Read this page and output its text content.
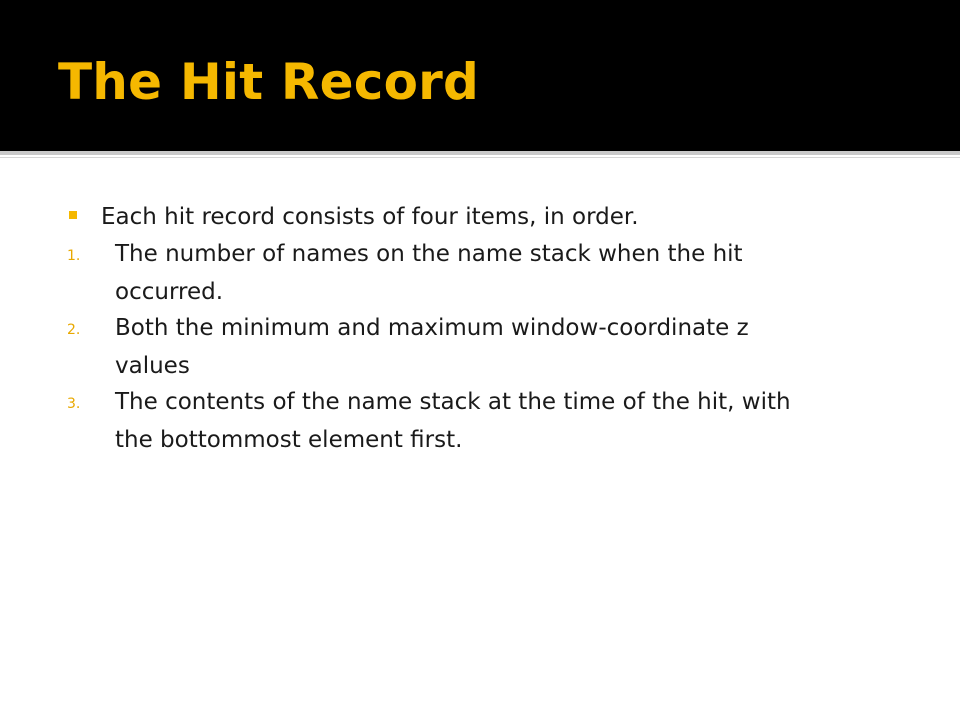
The Hit Record
Each hit record consists of four items, in order.
1. The number of names on the name stack when the hit
occurred.
2. Both the minimum and maximum window-coordinate z
values
3. The contents of the name stack at the time of the hit, with
the bottommost element first.
